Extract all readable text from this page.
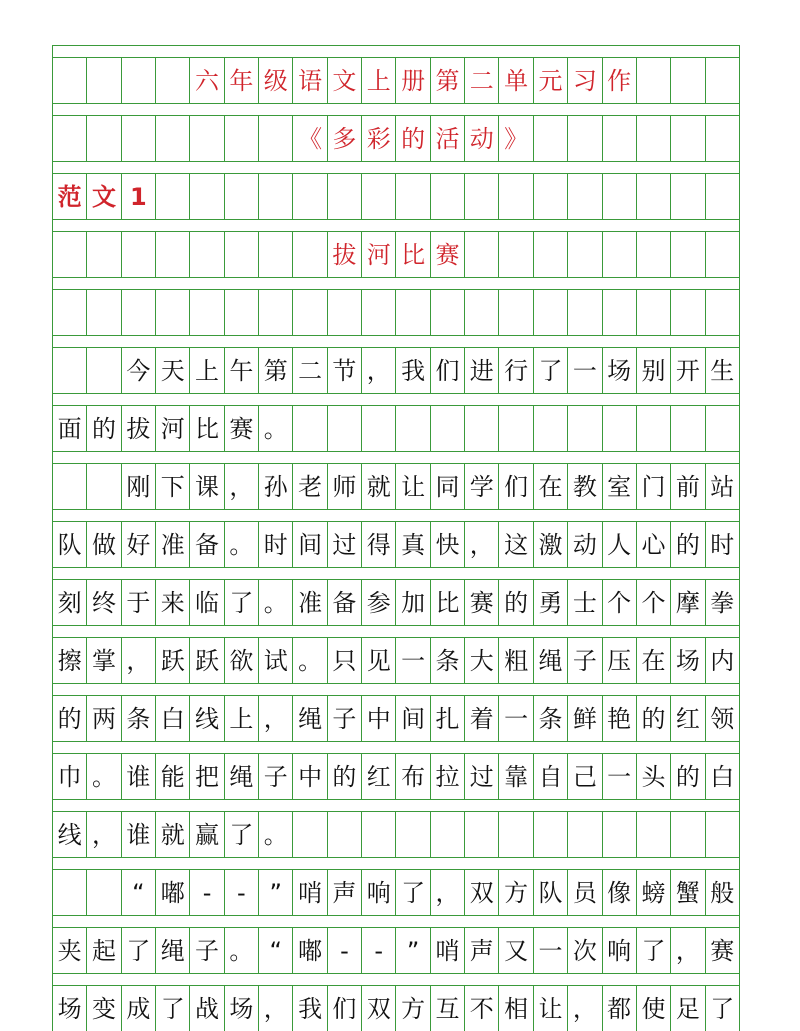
六 年 级 语 文 上 册 第 二 单 元 习 作
《 多 彩 的 活 动 》
范 文 1
拔 河 比 赛
今 天 上 午 第 二 节 ， 我 们 进 行 了 一 场 别 开 生
面 的 拔 河 比 赛 。
刚 下 课 ， 孙 老 师 就 让 同 学 们 在 教 室 门 前 站
队 做 好 准 备 。 时 间 过 得 真 快 ， 这 激 动 人 心 的 时
刻 终 于 来 临 了 。 准 备 参 加 比 赛 的 勇 士 个 个 摩 拳
擦 掌 ， 跃 跃 欲 试 。 只 见 一 条 大 粗 绳 子 压 在 场 内
的 两 条 白 线 上 ， 绳 子 中 间 扎 着 一 条 鲜 艳 的 红 领
巾 。 谁 能 把 绳 子 中 的 红 布 拉 过 靠 自 己 一 头 的 白
线 ， 谁 就 赢 了 。
“ 嘟 -	- ” 哨 声 响 了 ， 双 方 队 员 像 螃 蟹 般
夹 起 了 绳 子 。 “ 嘟 -	- ” 哨 声 又 一 次 响 了 ， 赛
场 变 成 了 战 场 ， 我 们 双 方 互 不 相 让 ， 都 使 足 了
